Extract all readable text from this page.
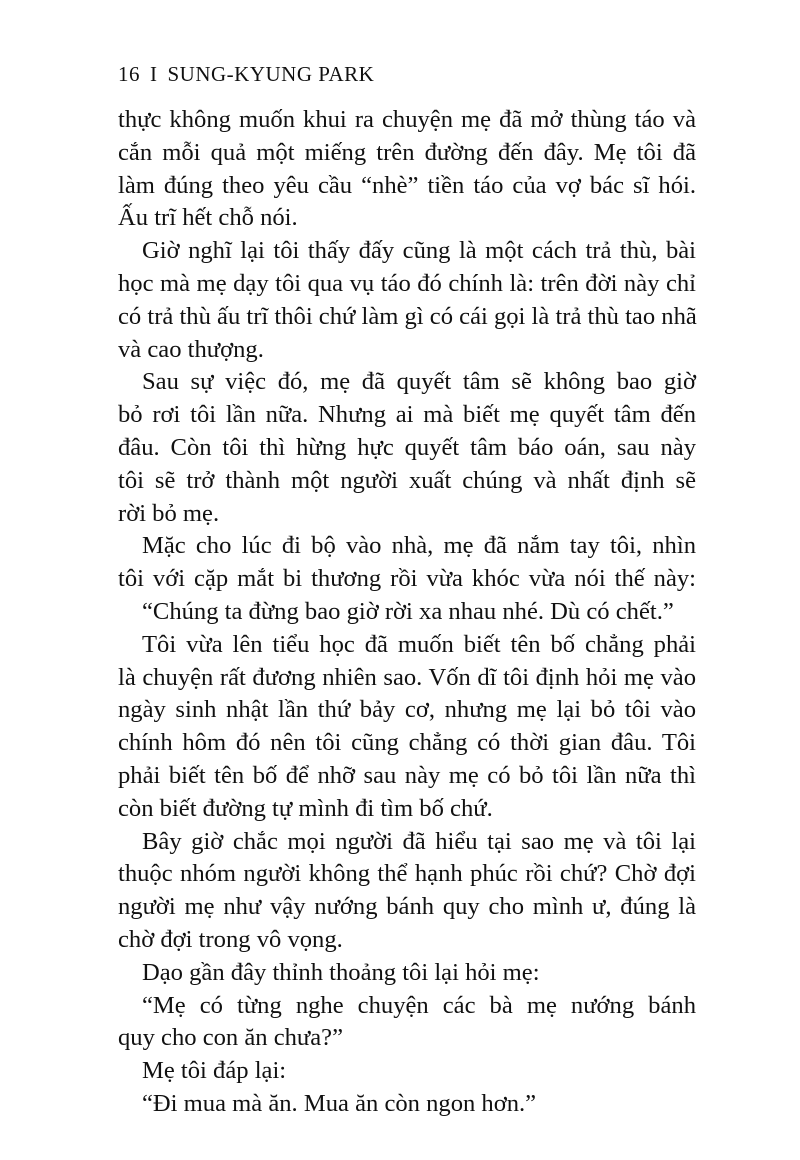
16 I SUNG-KYUNG PARK
thực không muốn khui ra chuyện mẹ đã mở thùng táo và
cắn mỗi quả một miếng trên đường đến đây. Mẹ tôi đã
làm đúng theo yêu cầu “nhè” tiền táo của vợ bác sĩ hói.
Ấu trĩ hết chỗ nói.
Giờ nghĩ lại tôi thấy đấy cũng là một cách trả thù, bài
học mà mẹ dạy tôi qua vụ táo đó chính là: trên đời này chỉ
có trả thù ấu trĩ thôi chứ làm gì có cái gọi là trả thù tao nhã
và cao thượng.
Sau sự việc đó, mẹ đã quyết tâm sẽ không bao giờ
bỏ rơi tôi lần nữa. Nhưng ai mà biết mẹ quyết tâm đến
đâu. Còn tôi thì hừng hực quyết tâm báo oán, sau này
tôi sẽ trở thành một người xuất chúng và nhất định sẽ
rời bỏ mẹ.
Mặc cho lúc đi bộ vào nhà, mẹ đã nắm tay tôi, nhìn
tôi với cặp mắt bi thương rồi vừa khóc vừa nói thế này:
“Chúng ta đừng bao giờ rời xa nhau nhé. Dù có chết.”
Tôi vừa lên tiểu học đã muốn biết tên bố chẳng phải
là chuyện rất đương nhiên sao. Vốn dĩ tôi định hỏi mẹ vào
ngày sinh nhật lần thứ bảy cơ, nhưng mẹ lại bỏ tôi vào
chính hôm đó nên tôi cũng chẳng có thời gian đâu. Tôi
phải biết tên bố để nhỡ sau này mẹ có bỏ tôi lần nữa thì
còn biết đường tự mình đi tìm bố chứ.
Bây giờ chắc mọi người đã hiểu tại sao mẹ và tôi lại
thuộc nhóm người không thể hạnh phúc rồi chứ? Chờ đợi
người mẹ như vậy nướng bánh quy cho mình ư, đúng là
chờ đợi trong vô vọng.
Dạo gần đây thỉnh thoảng tôi lại hỏi mẹ:
“Mẹ có từng nghe chuyện các bà mẹ nướng bánh
quy cho con ăn chưa?”
Mẹ tôi đáp lại:
“Đi mua mà ăn. Mua ăn còn ngon hơn.”
